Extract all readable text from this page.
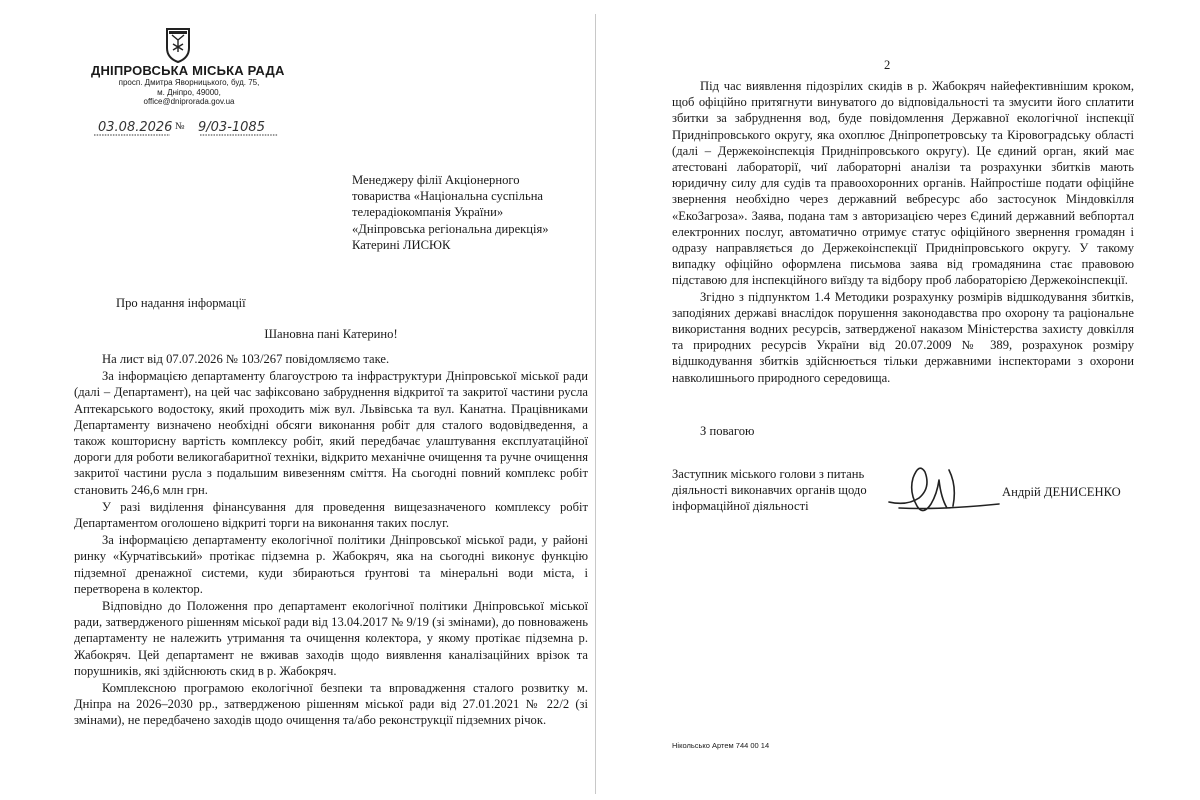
ДНІПРОВСЬКА МІСЬКА РАДА
просп. Дмитра Яворницького, буд. 75,
м. Дніпро, 49000,
office@dniprorada.gov.ua
03.08.2026 № 9/03-1085
Менеджеру філії Акціонерного
товариства «Національна суспільна
телерадіокомпанія України»
«Дніпровська регіональна дирекція»
Катерині ЛИСЮК
Про надання інформації
Шановна пані Катерино!

На лист від 07.07.2026 № 103/267 повідомляємо таке.

За інформацією департаменту благоустрою та інфраструктури Дніпровської міської ради (далі – Департамент), на цей час зафіксовано забруднення відкритої та закритої частини русла Аптекарського водостоку, який проходить між вул. Львівська та вул. Канатна. Працівниками Департаменту визначено необхідні обсяги виконання робіт для сталого водовідведення, а також кошторисну вартість комплексу робіт, який передбачає улаштування експлуатаційної дороги для роботи великогабаритної техніки, відкрито механічне очищення та ручне очищення закритої частини русла з подальшим вивезенням сміття. На сьогодні повний комплекс робіт становить 246,6 млн грн.

У разі виділення фінансування для проведення вищезазначеного комплексу робіт Департаментом оголошено відкриті торги на виконання таких послуг.

За інформацією департаменту екологічної політики Дніпровської міської ради, у районі ринку «Курчатівський» протікає підземна р. Жабокряч, яка на сьогодні виконує функцію підземної дренажної системи, куди збираються ґрунтові та мінеральні води міста, і перетворена в колектор.

Відповідно до Положення про департамент екологічної політики Дніпровської міської ради, затвердженого рішенням міської ради від 13.04.2017 № 9/19 (зі змінами), до повноважень департаменту не належить утримання та очищення колектора, у якому протікає підземна р. Жабокряч. Цей департамент не вживав заходів щодо виявлення каналізаційних врізок та порушників, які здійснюють скид в р. Жабокряч.

Комплексною програмою екологічної безпеки та впровадження сталого розвитку м. Дніпра на 2026–2030 рр., затвердженою рішенням міської ради від 27.01.2021 № 22/2 (зі змінами), не передбачено заходів щодо очищення та/або реконструкції підземних річок.

2

Під час виявлення підозрілих скидів в р. Жабокряч найефективнішим кроком, щоб офіційно притягнути винуватого до відповідальності та змусити його сплатити збитки за забруднення вод, буде повідомлення Державної екологічної інспекції Придніпровського округу, яка охоплює Дніпропетровську та Кіровоградську області (далі – Держекоінспекція Придніпровського округу). Це єдиний орган, який має атестовані лабораторії, чиї лабораторні аналізи та розрахунки збитків мають юридичну силу для судів та правоохоронних органів. Найпростіше подати офіційне звернення необхідно через державний вебресурс або застосунок Міндовкілля «ЕкоЗагроза». Заява, подана там з авторизацією через Єдиний державний вебпортал електронних послуг, автоматично отримує статус офіційного звернення громадян і одразу направляється до Держекоінспекції Придніпровського округу. У такому випадку офіційно оформлена письмова заява від громадянина стає правовою підставою для інспекційного виїзду та відбору проб лабораторією Держекоінспекції.

Згідно з підпунктом 1.4 Методики розрахунку розмірів відшкодування збитків, заподіяних державі внаслідок порушення законодавства про охорону та раціональне використання водних ресурсів, затвердженої наказом Міністерства захисту довкілля та природних ресурсів України від 20.07.2009 № 389, розрахунок розміру відшкодування збитків здійснюється тільки державними інспекторами з охорони навколишнього природного середовища.

З повагою
Заступник міського голови з питань
діяльності виконавчих органів щодо
інформаційної діяльності
Андрій ДЕНИСЕНКО
Нікольсько Артем 744 00 14
